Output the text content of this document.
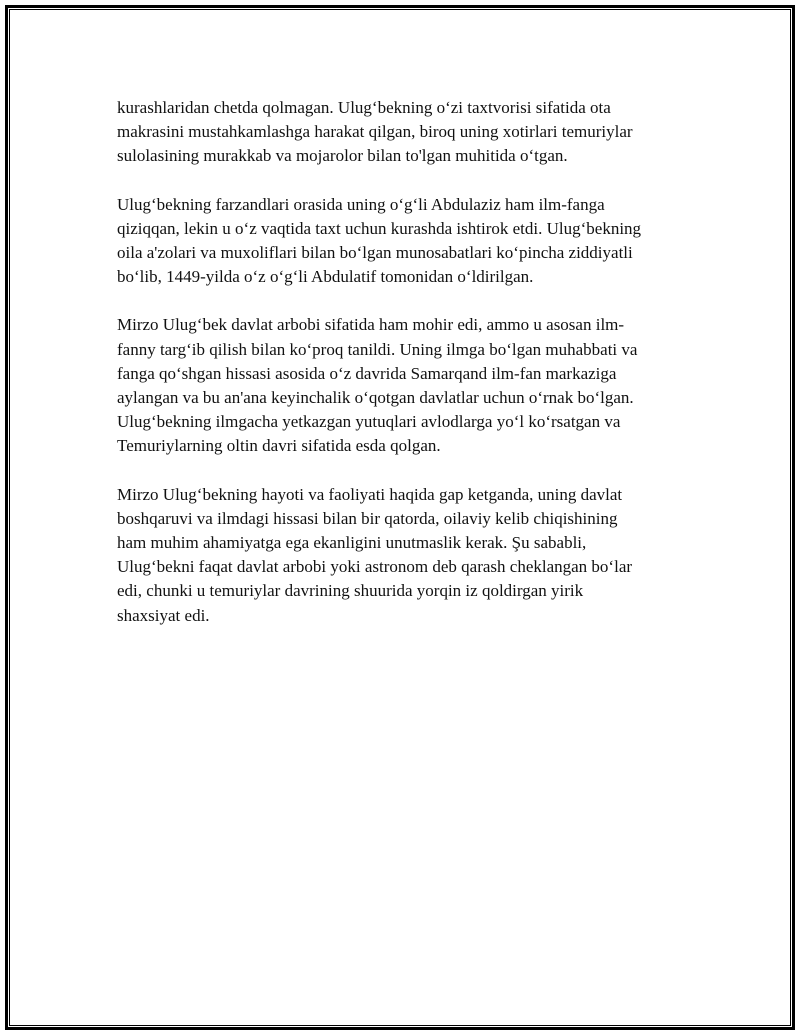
kurashlaridan chetda qolmagan. Ulug‘bekning o‘zi taxtvorisi sifatida ota
makrasini mustahkamlashga harakat qilgan, biroq uning xotirlari temuriylar
sulolasining murakkab va mojarolor bilan to'lgan muhitida o‘tgan.

Ulug‘bekning farzandlari orasida uning o‘g‘li Abdulaziz ham ilm-fanga
qiziqqan, lekin u o‘z vaqtida taxt uchun kurashda ishtirok etdi. Ulug‘bekning
oila a'zolari va muxoliflari bilan bo‘lgan munosabatlari ko‘pincha ziddiyatli
bo‘lib, 1449-yilda o‘z o‘g‘li Abdulatif tomonidan o‘ldirilgan.

Mirzo Ulug‘bek davlat arbobi sifatida ham mohir edi, ammo u asosan ilm-
fanny targ‘ib qilish bilan ko‘proq tanildi. Uning ilmga bo‘lgan muhabbati va
fanga qo‘shgan hissasi asosida o‘z davrida Samarqand ilm-fan markaziga
aylangan va bu an'ana keyinchalik o‘qotgan davlatlar uchun o‘rnak bo‘lgan.
Ulug‘bekning ilmgacha yetkazgan yutuqlari avlodlarga yo‘l ko‘rsatgan va
Temuriylarning oltin davri sifatida esda qolgan.

Mirzo Ulug‘bekning hayoti va faoliyati haqida gap ketganda, uning davlat
boshqaruvi va ilmdagi hissasi bilan bir qatorda, oilaviy kelib chiqishining
ham muhim ahamiyatga ega ekanligini unutmaslik kerak. Şu sababli,
Ulug‘bekni faqat davlat arbobi yoki astronom deb qarash cheklangan bo‘lar
edi, chunki u temuriylar davrining shuurida yorqin iz qoldirgan yirik
shaxsiyat edi.
